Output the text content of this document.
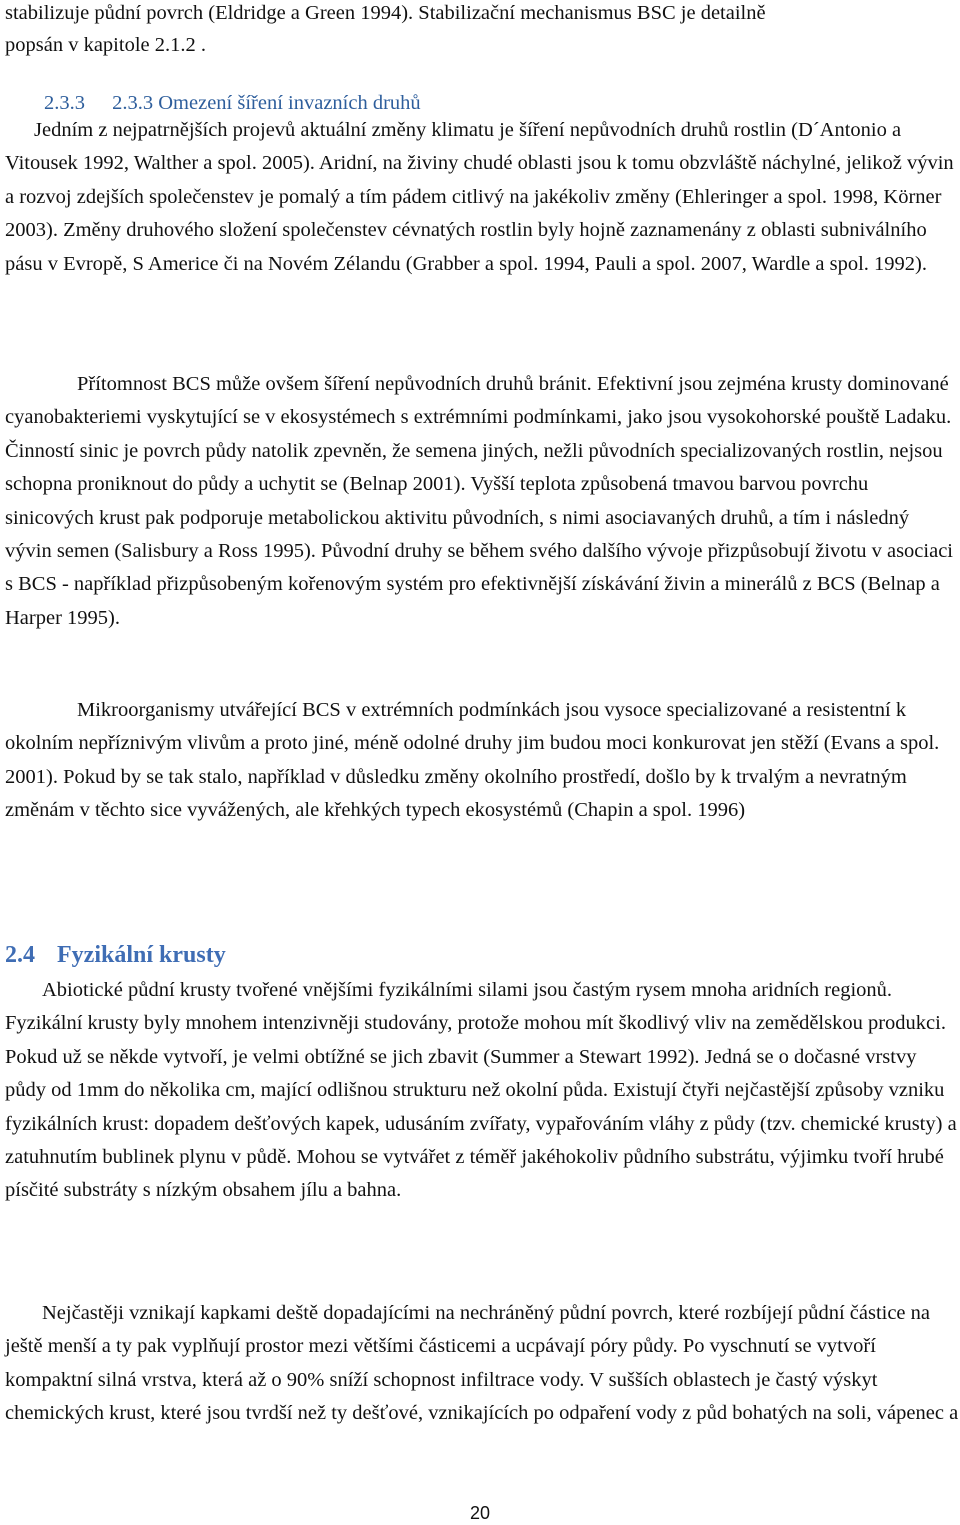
stabilizuje půdní povrch (Eldridge a Green 1994). Stabilizační mechanismus BSC je detailně
popsán v kapitole 2.1.2 .
2.3.3 2.3.3 Omezení šíření invazních druhů

Jedním z nejpatrnějších projevů aktuální změny klimatu je šíření nepůvodních druhů rostlin (D´Antonio a Vitousek 1992, Walther a spol. 2005). Aridní, na živiny chudé oblasti jsou k tomu obzvláště náchylné, jelikož vývin a rozvoj zdejších společenstev je pomalý a tím pádem citlivý na jakékoliv změny (Ehleringer a spol. 1998, Körner 2003). Změny druhového složení společenstev cévnatých rostlin byly hojně zaznamenány z oblasti subniválního pásu v Evropě, S Americe či na Novém Zélandu (Grabber a spol. 1994, Pauli a spol. 2007, Wardle a spol. 1992).

Přítomnost BCS může ovšem šíření nepůvodních druhů bránit. Efektivní jsou zejména krusty dominované cyanobakteriemi vyskytující se v ekosystémech s extrémními podmínkami, jako jsou vysokohorské pouště Ladaku. Činností sinic je povrch půdy natolik zpevněn, že semena jiných, nežli původních specializovaných rostlin, nejsou schopna proniknout do půdy a uchytit se (Belnap 2001). Vyšší teplota způsobená tmavou barvou povrchu sinicových krust pak podporuje metabolickou aktivitu původních, s nimi asociavaných druhů, a tím i následný vývin semen (Salisbury a Ross 1995). Původní druhy se během svého dalšího vývoje přizpůsobují životu v asociaci s BCS - například přizpůsobeným kořenovým systém pro efektivnější získávání živin a minerálů z BCS (Belnap a Harper 1995).

Mikroorganismy utvářející BCS v extrémních podmínkách jsou vysoce specializované a resistentní k okolním nepříznivým vlivům a proto jiné, méně odolné druhy jim budou moci konkurovat jen stěží (Evans a spol. 2001). Pokud by se tak stalo, například v důsledku změny okolního prostředí, došlo by k trvalým a nevratným změnám v těchto sice vyvážených, ale křehkých typech ekosystémů (Chapin a spol. 1996)

2.4 Fyzikální krusty

Abiotické půdní krusty tvořené vnějšími fyzikálními silami jsou častým rysem mnoha aridních regionů. Fyzikální krusty byly mnohem intenzivněji studovány, protože mohou mít škodlivý vliv na zemědělskou produkci. Pokud už se někde vytvoří, je velmi obtížné se jich zbavit (Summer a Stewart 1992). Jedná se o dočasné vrstvy půdy od 1mm do několika cm, mající odlišnou strukturu než okolní půda. Existují čtyři nejčastější způsoby vzniku fyzikálních krust: dopadem dešťových kapek, udusáním zvířaty, vypařováním vláhy z půdy (tzv. chemické krusty) a zatuhnutím bublinek plynu v půdě. Mohou se vytvářet z téměř jakéhokoliv půdního substrátu, výjimku tvoří hrubé písčité substráty s nízkým obsahem jílu a bahna.

Nejčastěji vznikají kapkami deště dopadajícími na nechráněný půdní povrch, které rozbíjejí půdní částice na ještě menší a ty pak vyplňují prostor mezi většími částicemi a ucpávají póry půdy. Po vyschnutí se vytvoří kompaktní silná vrstva, která až o 90% sníží schopnost infiltrace vody. V sušších oblastech je častý výskyt chemických krust, které jsou tvrdší než ty dešťové, vznikajících po odpaření vody z půd bohatých na soli, vápenec a

20
